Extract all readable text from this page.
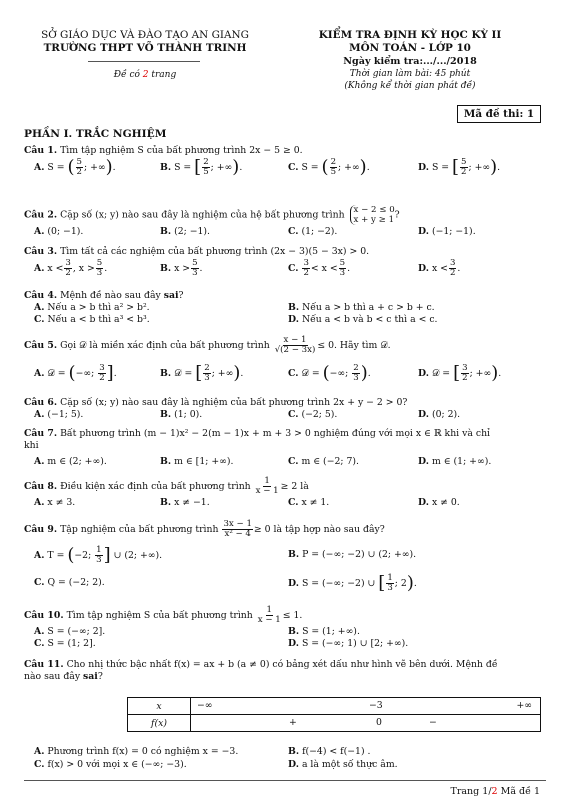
SỞ GIÁO DỤC VÀ ĐÀO TẠO AN GIANG
TRƯỜNG THPT VÕ THÀNH TRINH
Đề có 2 trang
KIỂM TRA ĐỊNH KỲ HỌC KỲ II
MÔN TOÁN - LỚP 10
Ngày kiểm tra:.../.../2018
Thời gian làm bài: 45 phút
(Không kể thời gian phát đề)
Mã đề thi: 1
PHẦN I. TRẮC NGHIỆM
Câu 1. Tìm tập nghiệm S của bất phương trình 2x − 5 ≥ 0.
A. S = ( $\frac{5}{2}$ ; +∞).	B. S = [ $\frac{2}{5}$ ; +∞).	C. S = ( $\frac{2}{5}$ ; +∞).	D. S = [ $\frac{5}{2}$ ; +∞).
Câu 2. Cặp số (x; y) nào sau đây là nghiệm của hệ bất phương trình x − 2 ≤ 0
x + y ≥ 1 ?
A. (0; −1).	B. (2; −1).	C. (1; −2).	D. (−1; −1).
Câu 3. Tìm tất cả các nghiệm của bất phương trình (2x − 3)(5 − 3x) > 0.
A. $x < \frac{3}{2}$ , $x > \frac{5}{3}$ .	B. $x > \frac{5}{3}$ .	C. $\frac{3}{2} < x < \frac{5}{3}$ .	D. $x < \frac{3}{2}$ .
Câu 4. Mệnh đề nào sau đây sai?
A. Nếu a > b thì a² > b².	B. Nếu a > b thì a + c > b + c.
C. Nếu a < b thì a³ < b³.	D. Nếu a < b và b < c thì a < c.
Câu 5. Gọi 𝒟 là miền xác định của bất phương trình $\frac{x - 1}{√(2 - 3x)} \le 0$. Hãy tìm 𝒟.
A. 𝒟 = (−∞; $\frac{3}{2}$ ].	B. 𝒟 = [ $\frac{2}{3}$ ; +∞).	C. 𝒟 = (−∞; $\frac{2}{3}$ ).	D. 𝒟 = [ $\frac{3}{2}$ ; +∞).
Câu 6. Cặp số (x; y) nào sau đây là nghiệm của bất phương trình 2x + y − 2 > 0?
A. (−1; 5).	B. (1; 0).	C. (−2; 5).	D. (0; 2).
Câu 7. Bất phương trình (m − 1)x² − 2(m − 1)x + m + 3 > 0 nghiệm đúng với mọi x ∈ ℝ khi và chỉ
khi
A. m ∈ (2; +∞).	B. m ∈ [1; +∞).	C. m ∈ (−2; 7).	D. m ∈ (1; +∞).
Câu 8. Điều kiện xác định của bất phương trình $\frac{1}{x - 1} \ge 2$ là
A. x ≠ 3.	B. x ≠ −1.	C. x ≠ 1.	D. x ≠ 0.
Câu 9. Tập nghiệm của bất phương trình $\frac{3x - 1}{\text{x² − 4}} \ge 0$ là tập hợp nào sau đây?
A. T = (−2; $\frac{1}{3}$ ] ∪ (2; +∞).	B. P = (−∞; −2) ∪ (2; +∞).
C. Q = (−2; 2).	D. S = (−∞; −2) ∪ [ $\frac{1}{3}$ ; 2).
Câu 10. Tìm tập nghiệm S của bất phương trình $\frac{1}{x - 1} \le 1$.
A. S = (−∞; 2].	B. S = (1; +∞).
C. S = (1; 2].	D. S = (−∞; 1) ∪ [2; +∞).
Câu 11. Cho nhị thức bậc nhất f(x) = ax + b (a ≠ 0) có bảng xét dấu như hình vẽ bên dưới. Mệnh đề
nào sau đây sai?
x	−∞ −3 +∞

f(x)	+ 0 −
A. Phương trình f(x) = 0 có nghiệm x = −3.	B. f(−4) < f(−1) .
C. f(x) > 0 với mọi x ∈ (−∞; −3).	D. a là một số thực âm.
Trang 1/2 Mã đề 1
